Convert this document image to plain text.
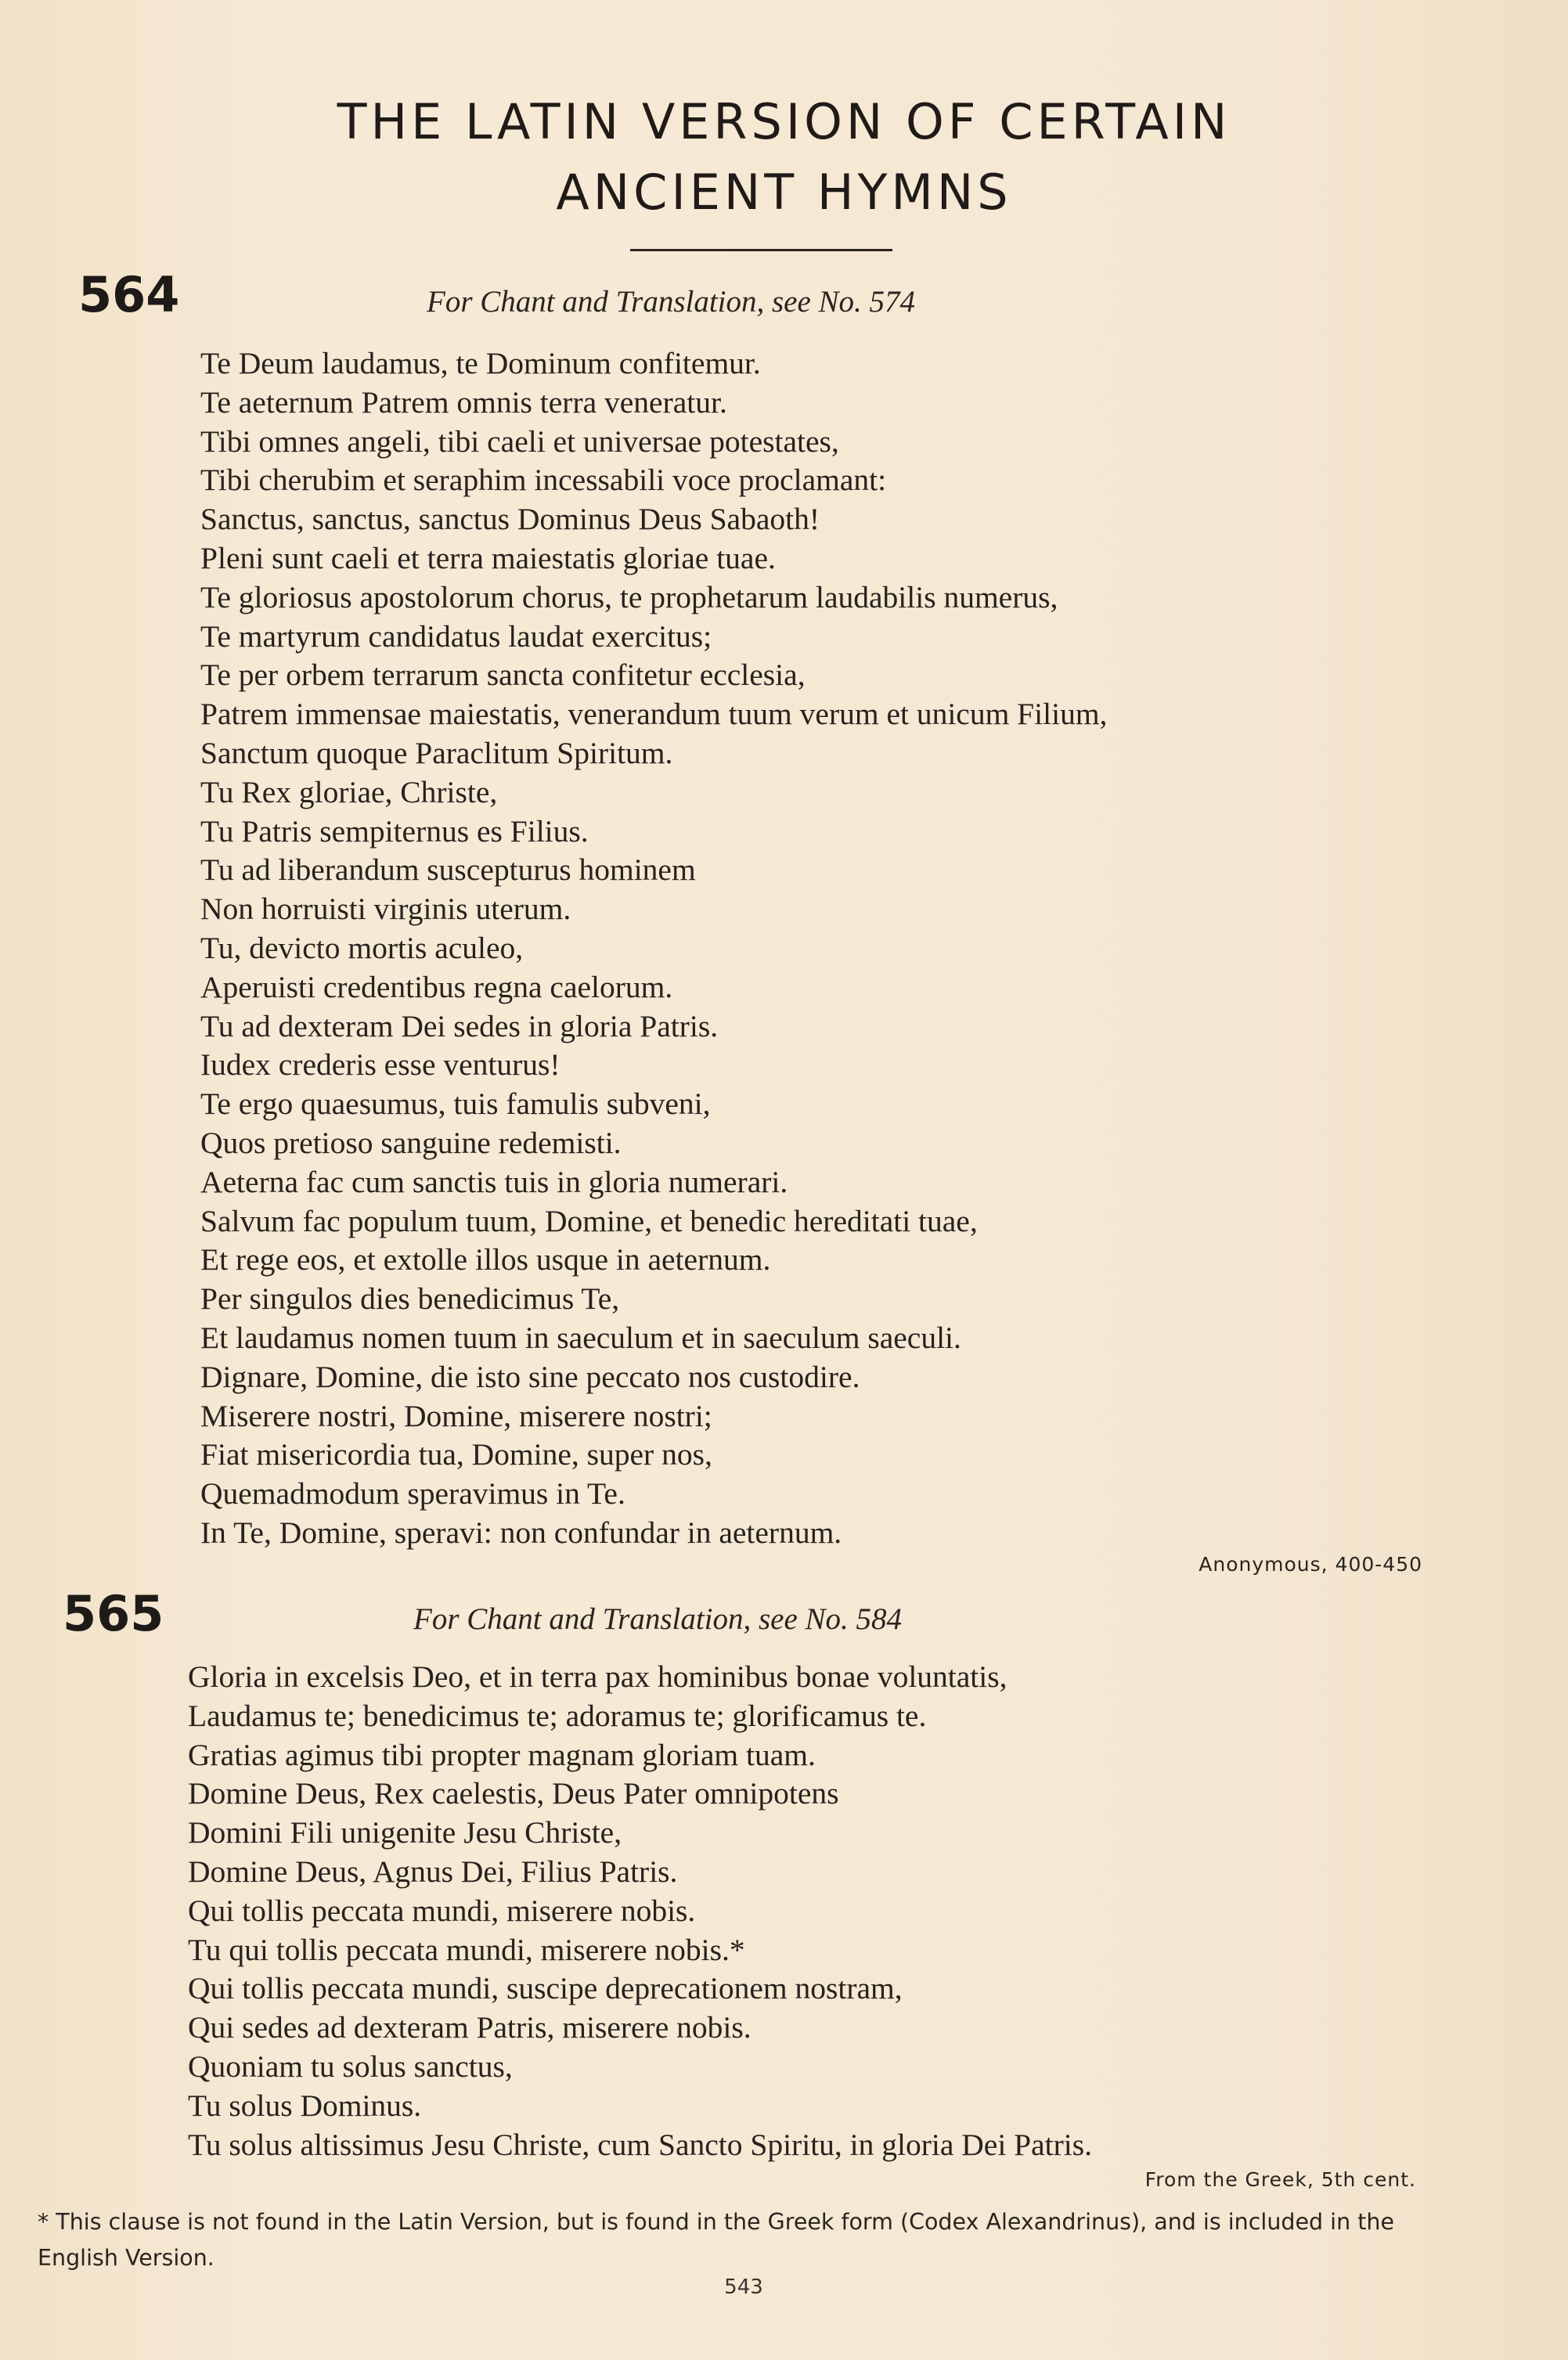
THE LATIN VERSION OF CERTAIN
ANCIENT HYMNS
564	For Chant and Translation, see No. 574
Te Deum laudamus, te Dominum confitemur.
Te aeternum Patrem omnis terra veneratur.
Tibi omnes angeli, tibi caeli et universae potestates,
Tibi cherubim et seraphim incessabili voce proclamant:
Sanctus, sanctus, sanctus Dominus Deus Sabaoth!
Pleni sunt caeli et terra maiestatis gloriae tuae.
Te gloriosus apostolorum chorus, te prophetarum laudabilis numerus,
Te martyrum candidatus laudat exercitus;
Te per orbem terrarum sancta confitetur ecclesia,
Patrem immensae maiestatis, venerandum tuum verum et unicum Filium,
Sanctum quoque Paraclitum Spiritum.
Tu Rex gloriae, Christe,
Tu Patris sempiternus es Filius.
Tu ad liberandum suscepturus hominem
Non horruisti virginis uterum.
Tu, devicto mortis aculeo,
Aperuisti credentibus regna caelorum.
Tu ad dexteram Dei sedes in gloria Patris.
Iudex crederis esse venturus!
Te ergo quaesumus, tuis famulis subveni,
Quos pretioso sanguine redemisti.
Aeterna fac cum sanctis tuis in gloria numerari.
Salvum fac populum tuum, Domine, et benedic hereditati tuae,
Et rege eos, et extolle illos usque in aeternum.
Per singulos dies benedicimus Te,
Et laudamus nomen tuum in saeculum et in saeculum saeculi.
Dignare, Domine, die isto sine peccato nos custodire.
Miserere nostri, Domine, miserere nostri;
Fiat misericordia tua, Domine, super nos,
Quemadmodum speravimus in Te.
In Te, Domine, speravi: non confundar in aeternum.
Anonymous, 400-450
565	For Chant and Translation, see No. 584
Gloria in excelsis Deo, et in terra pax hominibus bonae voluntatis,
Laudamus te; benedicimus te; adoramus te; glorificamus te.
Gratias agimus tibi propter magnam gloriam tuam.
Domine Deus, Rex caelestis, Deus Pater omnipotens
Domini Fili unigenite Jesu Christe,
Domine Deus, Agnus Dei, Filius Patris.
Qui tollis peccata mundi, miserere nobis.
Tu qui tollis peccata mundi, miserere nobis.*
Qui tollis peccata mundi, suscipe deprecationem nostram,
Qui sedes ad dexteram Patris, miserere nobis.
Quoniam tu solus sanctus,
Tu solus Dominus.
Tu solus altissimus Jesu Christe, cum Sancto Spiritu, in gloria Dei Patris.
From the Greek, 5th cent.
* This clause is not found in the Latin Version, but is found in the Greek form (Codex Alexandrinus), and is included in the English Version.
543
